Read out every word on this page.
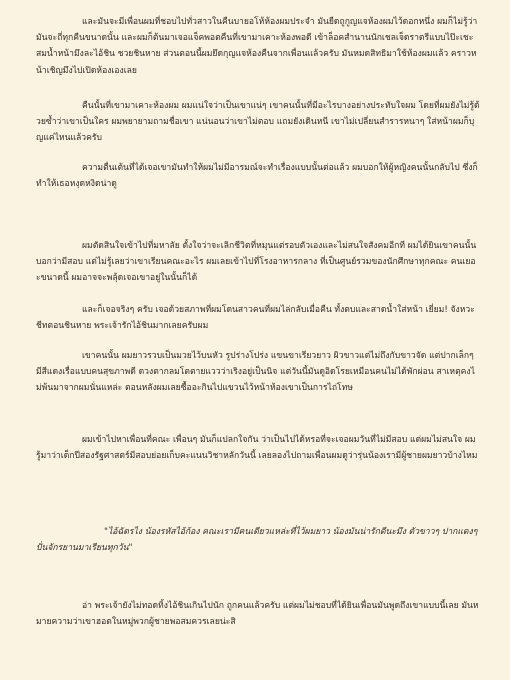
และมันจะมีเพื่อนผมที่ชอบไปทั่วสาวในคืนบายอโห้ห้องผมประจำ มันยืดถูกูญแจห้องผมไว้ดอกหนึ่ง ผมก็ไม่รู้ว่ามันจะถี่ทุกคืนขนาดนั้น และผมก็ต้นมาเจอแจ็คพอตคืนที่เขามาเคาะห้องพอดี เข้าล็อคสำนานนักเชลเจ็ดราตรีแบบไป๊ะเชะ สมน้ำหน้ามึงละไอ้ชิน ชวยชินหาย ส่วนตอนนี้ผมยึดกุญแจห้องคืนจากเพื่อนแล้วครับ มันหมดสิทธิมาใช้ห้องผมแล้ว คราวหน้าเชิญมึงไปเปิดห้องเองเลย

คืนนั้นที่เขามาเคาะห้องผม ผมแน่ใจว่าเป็นเขาแน่ๆ เขาคนนั้นที่มีอะไรบางอย่างประทับใจผม โดยที่ผมยังไม่รู้ด้วยซ้ำว่าเขาเป็นใคร ผมพยายามถามชื่อเขา แน่นอนว่าเขาไม่ตอบ แถมยังเดินหนี เขาไม่เปลี่ยนสำรารหนาๆ ใส่หน้าผมก็บุญแค่ไหนแล้วครับ

ความตื่นเต้นที่ได้เจอเขามันทำให้ผมไม่มีอารมณ์จะทำเรื่องแบบนั้นต่อแล้ว ผมบอกให้ผู้หญิงคนนั้นกลับไป ซึ่งก็ทำให้เธอหงุดหงิดน่าดู

ผมตัดสินใจเข้าไปที่มหาลัย ตั้งใจว่าจะเลิกชีวิตที่หมุนแต่รอบตัวเองและไม่สนใจสังคมอีกที ผมได้ยินเขาคนนั้นบอกว่ามีสอบ แต่ไม่รู้เลยว่าเขาเรียนคณะอะไร ผมเลยเข้าไปที่โรงอาหารกลาง ที่เป็นศูนย์รวมของนักศึกษาทุกคณะ คนเยอะขนาดนี้ ผมอาจจะพลุ้ดเจอเขาอยู่ในนั้นก็ได้

และก็เจอจริงๆ ครับ เจอด้วยสภาพที่ผมโดนสาวคนที่ผมไล่กลับเมื่อคืน ทั้งตบและสาดน้ำใส่หน้า เยี่ยม! จังหวะชีทตอนชินหาย พระเจ้ารักไอ้ชินมากเลยครับผม

เขาคนนั้น ผมยาวรวบเป็นมวยไว้บนหัว รูปร่างโปร่ง แขนขาเรียวยาว ผิวขาวแต่ไม่ถึงกับขาวจัด แต่ปากเล็กๆ มีสีแดงเรื่อแบบคนสุขภาพดี ดวงตากลมโตตายแววว่าเริงอยู่เป็นนิจ แต่วันนี้มันดูอิดโรยเหมือนคนไม่ได้พักผ่อน สาเหตุคงไม่พ้นมาจากผมนั่นแหล่ะ ตอนหลังผมเลยซื้ออะกินไปแขวนไว้หน้าห้องเขาเป็นการไถ่โทษ

ผมเข้าไปหาเพื่อนที่คณะ เพื่อนๆ มันก็แปลกใจกัน ว่าเป็นไปได้หรอที่จะเจอผมวันที่ไม่มีสอบ แต่ผมไม่สนใจ ผมรู้มาว่าเด็กปีสองรัฐศาสตร์มีสอบย่อยเก็บคะแนนวิชาหลักวันนี้ เลยลองไปถามเพื่อนผมดูว่ารุ่นน้องเรามีผู้ชายผมยาวบ้างไหม

"ไอ้ฉัตรไง น้องรหัสไอ้ก้อง คณะเรามีคนเดียวแหล่ะที่ไว้ผมยาว น้องมันน่ารักดีนะมึง ตัวขาวๆ ปากแดงๆ ปั่นจักรยานมาเรียนทุกวัน"

อ่า พระเจ้ายังไม่ทอดทิ้งไอ้ชินเกินไปนัก ถูกคนแล้วครับ แต่ผมไม่ชอบที่ได้ยินเพื่อนมันพูดถึงเขาแบบนี้เลย มันหมายความว่าเขาฮอตในหมู่พวกผู้ชายพอสมควรเลยน่ะสิ
